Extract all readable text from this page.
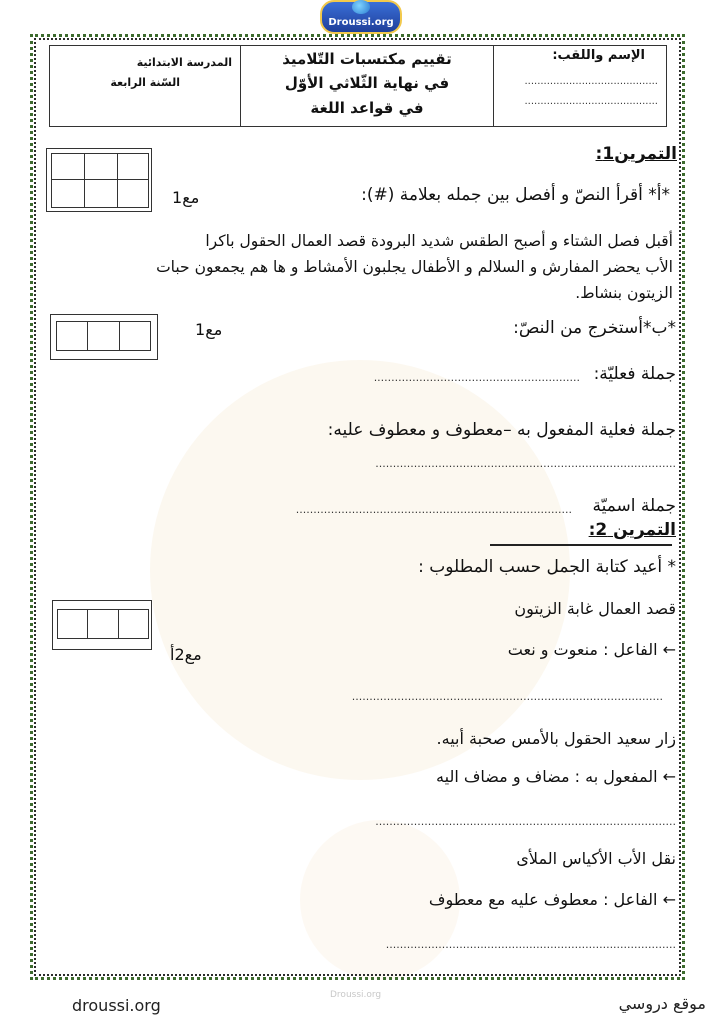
Droussi.org
المدرسة الابتدائية
السّنة الرابعة
تقييم مكتسبات التّلاميذ
في نهاية الثّلاثي الأوّل
في قواعد اللغة
الإسم واللقب:
..........................................
..........................................
التمرين1:
مع1	*أ* أقرأ النصّ و أفصل بين جمله بعلامة (#):
أقبل فصل الشتاء و أصبح الطقس شديد البرودة قصد العمال الحقول باكرا
الأب يحضر المفارش و السلالم و الأطفال يجلبون الأمشاط و ها هم يجمعون حبات
الزيتون بنشاط.
مع1	*ب*أستخرج من النصّ:
جملة فعليّة:
...........................................................
جملة فعلية المفعول به –معطوف و معطوف عليه:
......................................................................................
جملة اسميّة
...............................................................................
التمرين 2:
* أعيد كتابة الجمل حسب المطلوب :
مع2أ
قصد العمال غابة الزيتون
← الفاعل : منعوت و نعت
.........................................................................................
زار سعيد الحقول بالأمس صحبة أبيه.
← المفعول به : مضاف و مضاف اليه
......................................................................................
نقل الأب الأكياس الملأى
← الفاعل : معطوف عليه مع معطوف
...................................................................................
Droussi.org
droussi.org	موقع دروسي
